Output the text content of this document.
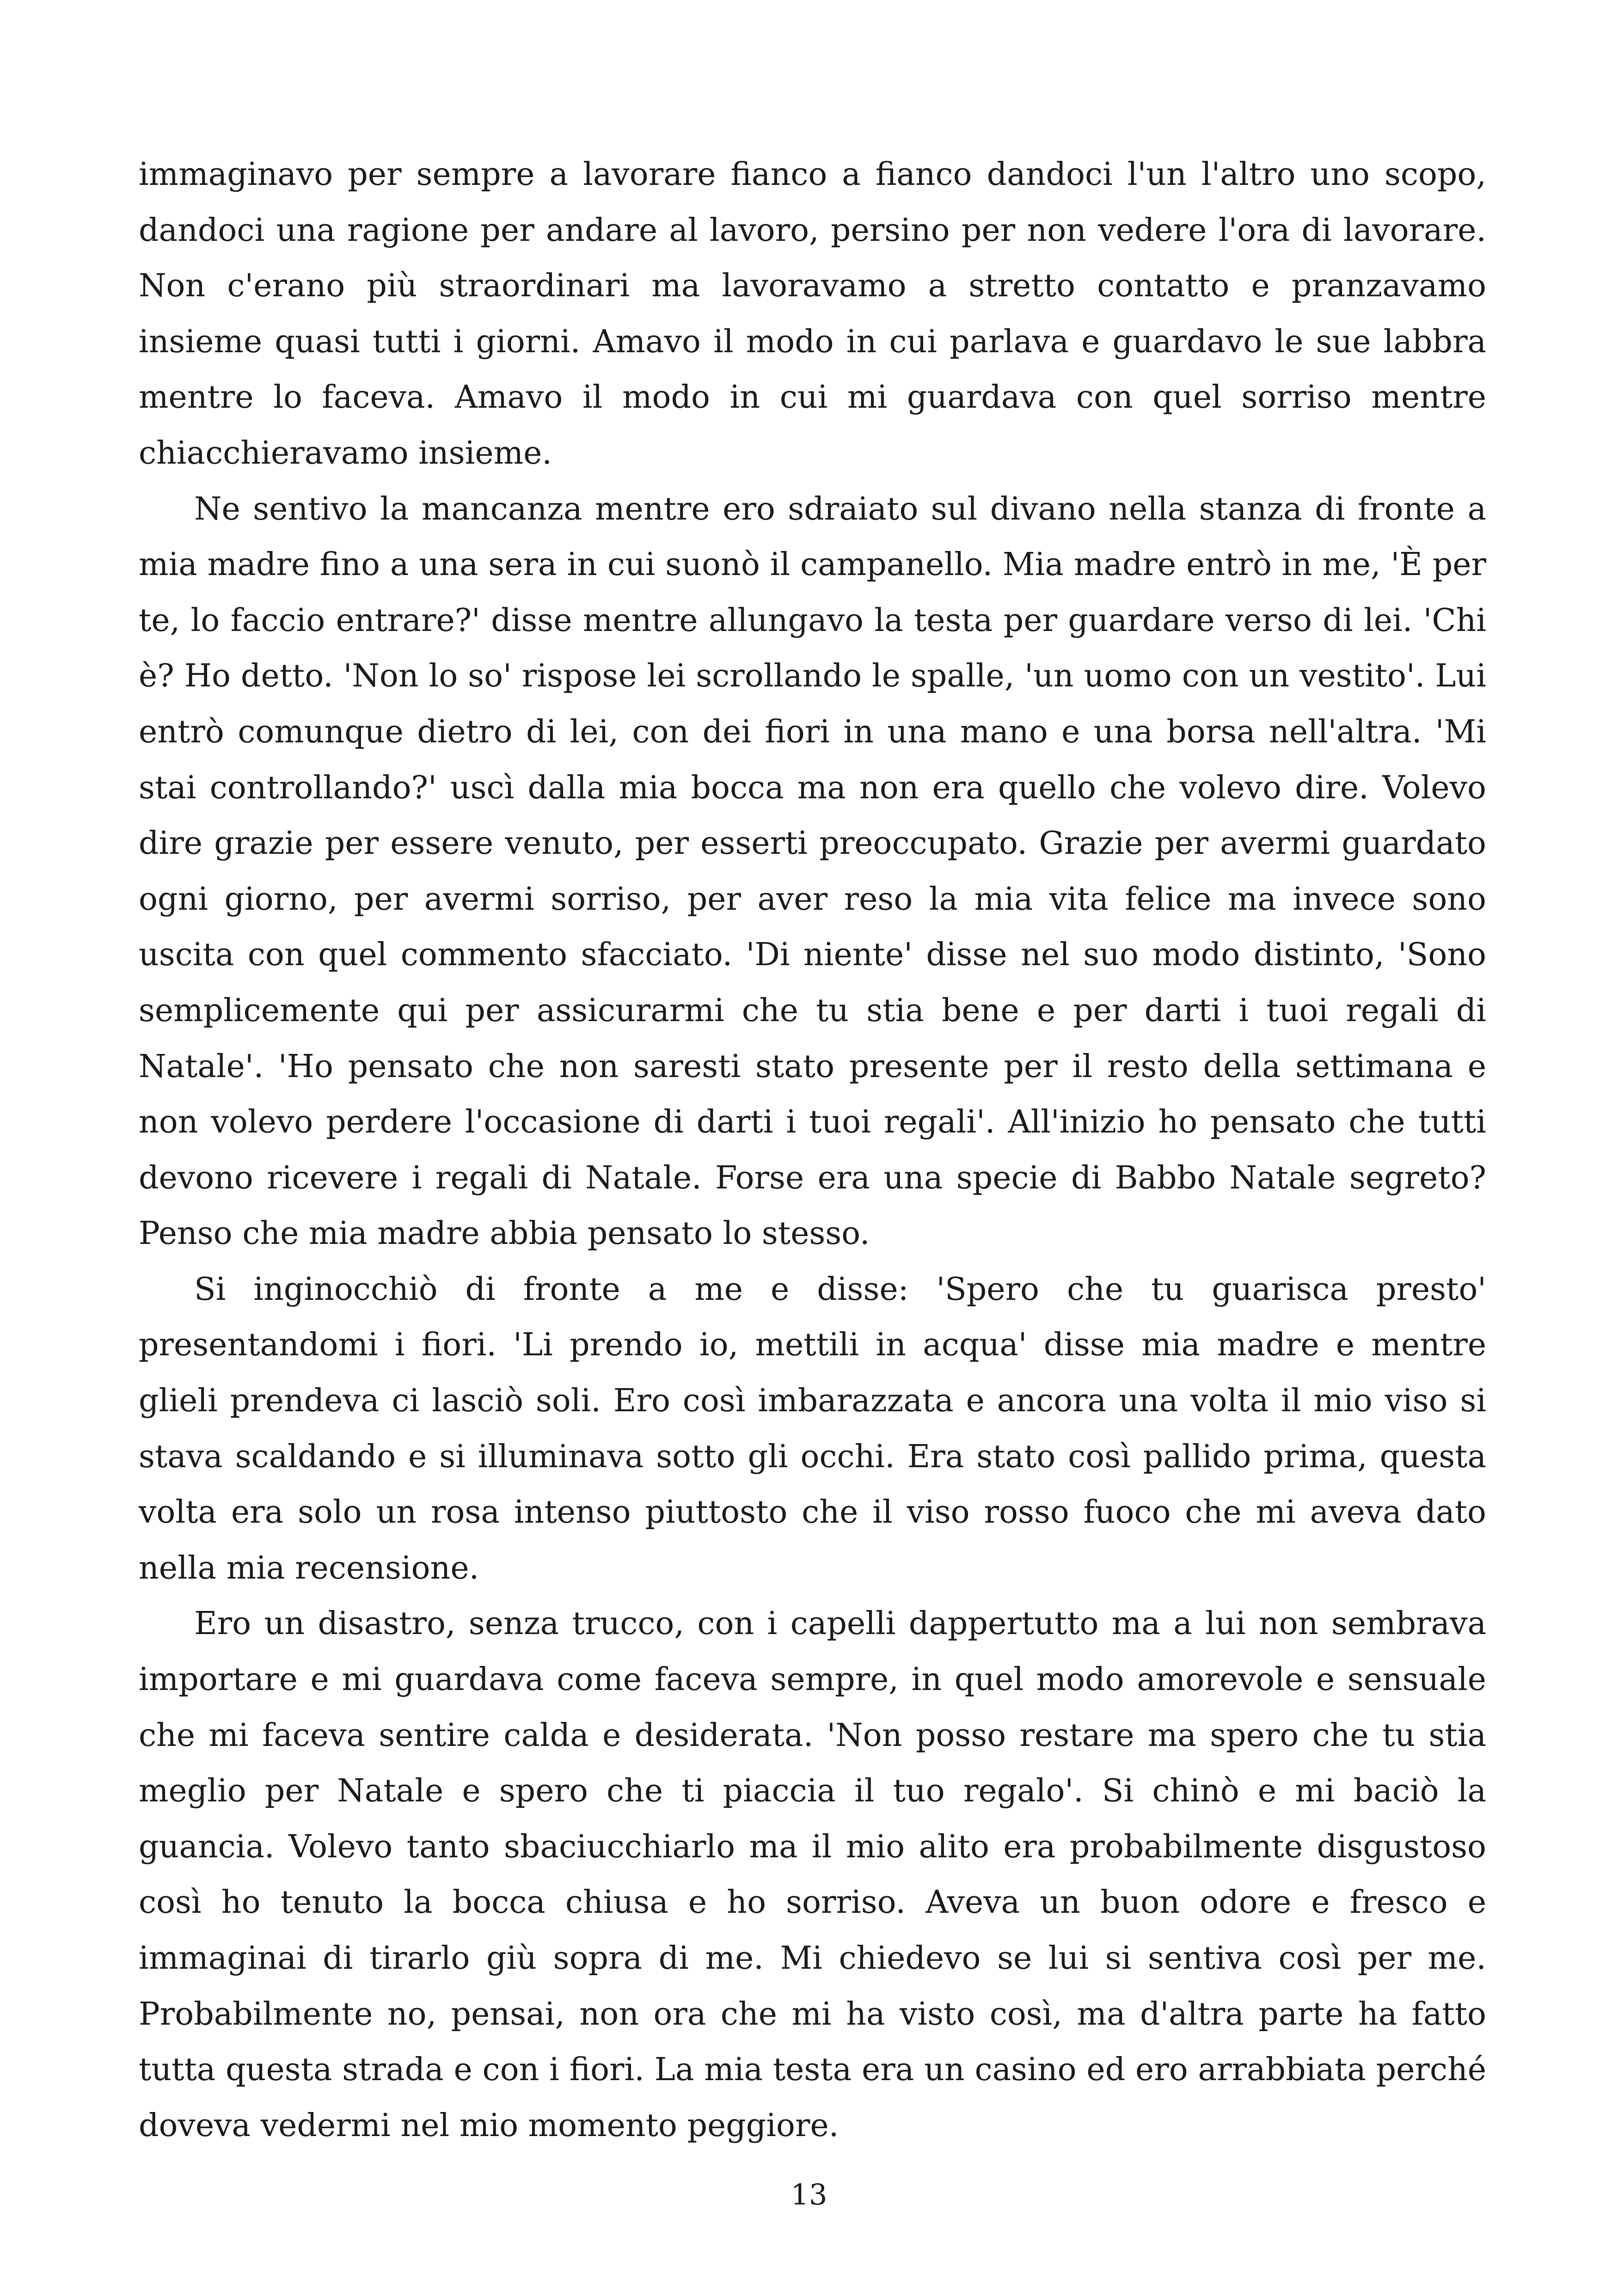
immaginavo per sempre a lavorare fianco a fianco dandoci l'un l'altro uno scopo, dandoci una ragione per andare al lavoro, persino per non vedere l'ora di lavorare. Non c'erano più straordinari ma lavoravamo a stretto contatto e pranzavamo insieme quasi tutti i giorni. Amavo il modo in cui parlava e guardavo le sue labbra mentre lo faceva. Amavo il modo in cui mi guardava con quel sorriso mentre chiacchieravamo insieme.

Ne sentivo la mancanza mentre ero sdraiato sul divano nella stanza di fronte a mia madre fino a una sera in cui suonò il campanello. Mia madre entrò in me, 'È per te, lo faccio entrare?' disse mentre allungavo la testa per guardare verso di lei. 'Chi è? Ho detto. 'Non lo so' rispose lei scrollando le spalle, 'un uomo con un vestito'. Lui entrò comunque dietro di lei, con dei fiori in una mano e una borsa nell'altra. 'Mi stai controllando?' uscì dalla mia bocca ma non era quello che volevo dire. Volevo dire grazie per essere venuto, per esserti preoccupato. Grazie per avermi guardato ogni giorno, per avermi sorriso, per aver reso la mia vita felice ma invece sono uscita con quel commento sfacciato. 'Di niente' disse nel suo modo distinto, 'Sono semplicemente qui per assicurarmi che tu stia bene e per darti i tuoi regali di Natale'. 'Ho pensato che non saresti stato presente per il resto della settimana e non volevo perdere l'occasione di darti i tuoi regali'. All'inizio ho pensato che tutti devono ricevere i regali di Natale. Forse era una specie di Babbo Natale segreto? Penso che mia madre abbia pensato lo stesso.

Si inginocchiò di fronte a me e disse: 'Spero che tu guarisca presto' presentandomi i fiori. 'Li prendo io, mettili in acqua' disse mia madre e mentre glieli prendeva ci lasciò soli. Ero così imbarazzata e ancora una volta il mio viso si stava scaldando e si illuminava sotto gli occhi. Era stato così pallido prima, questa volta era solo un rosa intenso piuttosto che il viso rosso fuoco che mi aveva dato nella mia recensione.

Ero un disastro, senza trucco, con i capelli dappertutto ma a lui non sembrava importare e mi guardava come faceva sempre, in quel modo amorevole e sensuale che mi faceva sentire calda e desiderata. 'Non posso restare ma spero che tu stia meglio per Natale e spero che ti piaccia il tuo regalo'. Si chinò e mi baciò la guancia. Volevo tanto sbaciucchiarlo ma il mio alito era probabilmente disgustoso così ho tenuto la bocca chiusa e ho sorriso. Aveva un buon odore e fresco e immaginai di tirarlo giù sopra di me. Mi chiedevo se lui si sentiva così per me. Probabilmente no, pensai, non ora che mi ha visto così, ma d'altra parte ha fatto tutta questa strada e con i fiori. La mia testa era un casino ed ero arrabbiata perché doveva vedermi nel mio momento peggiore.

13
